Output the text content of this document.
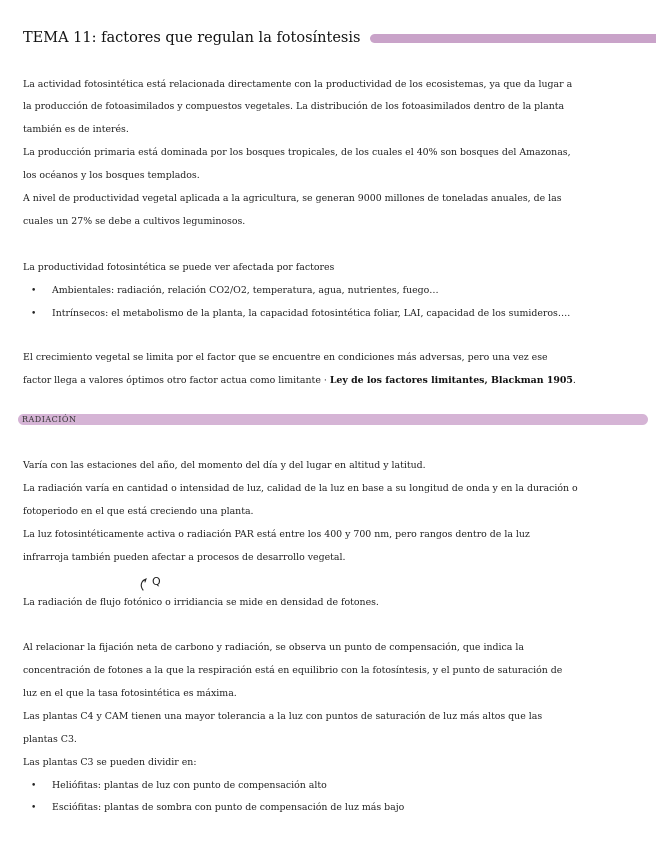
TEMA 11: factores que regulan la fotosíntesis
La actividad fotosintética está relacionada directamente con la productividad de los ecosistemas, ya que da lugar a
la producción de fotoasimilados y compuestos vegetales. La distribución de los fotoasimilados dentro de la planta
también es de interés.
La producción primaria está dominada por los bosques tropicales, de los cuales el 40% son bosques del Amazonas,
los océanos y los bosques templados.
A nivel de productividad vegetal aplicada a la agricultura, se generan 9000 millones de toneladas anuales, de las
cuales un 27% se debe a cultivos leguminosos.
La productividad fotosintética se puede ver afectada por factores
• Ambientales: radiación, relación CO2/O2, temperatura, agua, nutrientes, fuego…
• Intrínsecos: el metabolismo de la planta, la capacidad fotosintética foliar, LAI, capacidad de los sumideros….
El crecimiento vegetal se limita por el factor que se encuentre en condiciones más adversas, pero una vez ese
factor llega a valores óptimos otro factor actua como limitante · Ley de los factores limitantes, Blackman 1905.
RADIACIÓN
Varía con las estaciones del año, del momento del día y del lugar en altitud y latitud.
La radiación varía en cantidad o intensidad de luz, calidad de la luz en base a su longitud de onda y en la duración o
fotoperiodo en el que está creciendo una planta.
La luz fotosintéticamente activa o radiación PAR está entre los 400 y 700 nm, pero rangos dentro de la luz
infrarroja también pueden afectar a procesos de desarrollo vegetal.
Q
La radiación de flujo fotónico o irridiancia se mide en densidad de fotones.
Al relacionar la fijación neta de carbono y radiación, se observa un punto de compensación, que indica la
concentración de fotones a la que la respiración está en equilibrio con la fotosíntesis, y el punto de saturación de
luz en el que la tasa fotosintética es máxima.
Las plantas C4 y CAM tienen una mayor tolerancia a la luz con puntos de saturación de luz más altos que las
plantas C3.
Las plantas C3 se pueden dividir en:
• Heliófitas: plantas de luz con punto de compensación alto
• Esciófitas: plantas de sombra con punto de compensación de luz más bajo
